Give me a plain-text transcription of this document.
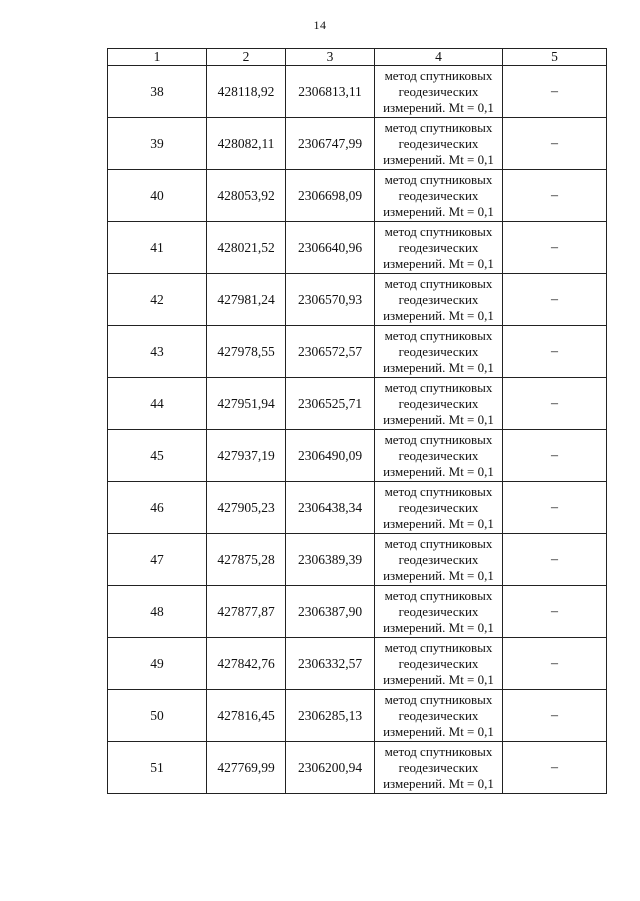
14
1	2	3	4	5
38	428118,92	2306813,11	метод спутниковых
геодезических
измерений. Mt = 0,1	–
39	428082,11	2306747,99	метод спутниковых
геодезических
измерений. Mt = 0,1	–
40	428053,92	2306698,09	метод спутниковых
геодезических
измерений. Mt = 0,1	–
41	428021,52	2306640,96	метод спутниковых
геодезических
измерений. Mt = 0,1	–
42	427981,24	2306570,93	метод спутниковых
геодезических
измерений. Mt = 0,1	–
43	427978,55	2306572,57	метод спутниковых
геодезических
измерений. Mt = 0,1	–
44	427951,94	2306525,71	метод спутниковых
геодезических
измерений. Mt = 0,1	–
45	427937,19	2306490,09	метод спутниковых
геодезических
измерений. Mt = 0,1	–
46	427905,23	2306438,34	метод спутниковых
геодезических
измерений. Mt = 0,1	–
47	427875,28	2306389,39	метод спутниковых
геодезических
измерений. Mt = 0,1	–
48	427877,87	2306387,90	метод спутниковых
геодезических
измерений. Mt = 0,1	–
49	427842,76	2306332,57	метод спутниковых
геодезических
измерений. Mt = 0,1	–
50	427816,45	2306285,13	метод спутниковых
геодезических
измерений. Mt = 0,1	–
51	427769,99	2306200,94	метод спутниковых
геодезических
измерений. Mt = 0,1	–
